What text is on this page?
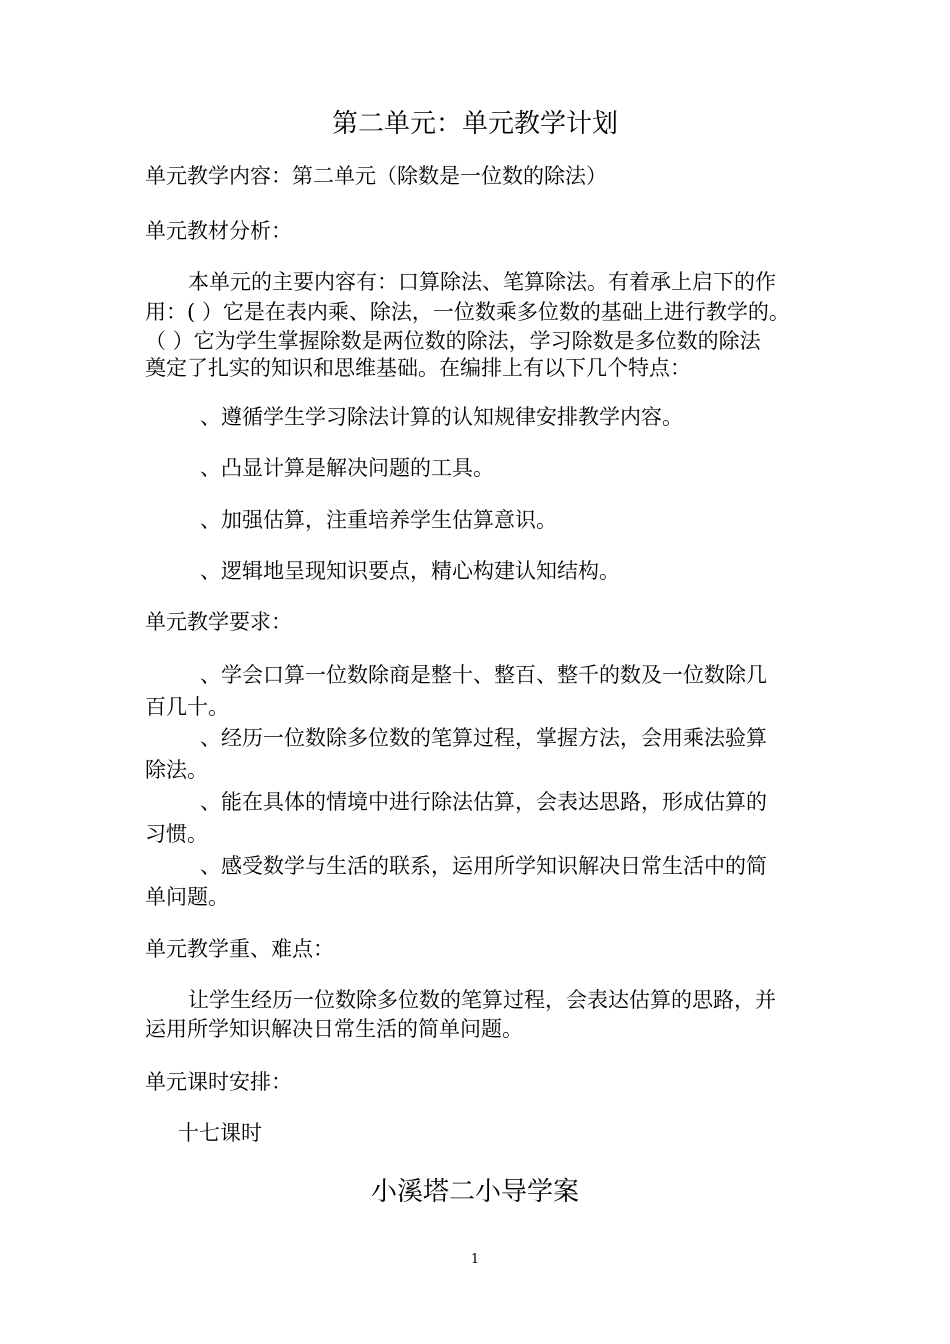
第二单元：单元教学计划
单元教学内容：第二单元（除数是一位数的除法）
单元教材分析：
本单元的主要内容有：口算除法、笔算除法。有着承上启下的作
用：( ）它是在表内乘、除法，一位数乘多位数的基础上进行教学的。
（ ）它为学生掌握除数是两位数的除法，学习除数是多位数的除法
奠定了扎实的知识和思维基础。在编排上有以下几个特点：
、遵循学生学习除法计算的认知规律安排教学内容。
、凸显计算是解决问题的工具。
、加强估算，注重培养学生估算意识。
、逻辑地呈现知识要点，精心构建认知结构。
单元教学要求：
、学会口算一位数除商是整十、整百、整千的数及一位数除几
百几十。
、经历一位数除多位数的笔算过程，掌握方法，会用乘法验算
除法。
、能在具体的情境中进行除法估算，会表达思路，形成估算的
习惯。
、感受数学与生活的联系，运用所学知识解决日常生活中的简
单问题。
单元教学重、难点：
让学生经历一位数除多位数的笔算过程，会表达估算的思路，并
运用所学知识解决日常生活的简单问题。
单元课时安排：
十七课时
小溪塔二小导学案
1
